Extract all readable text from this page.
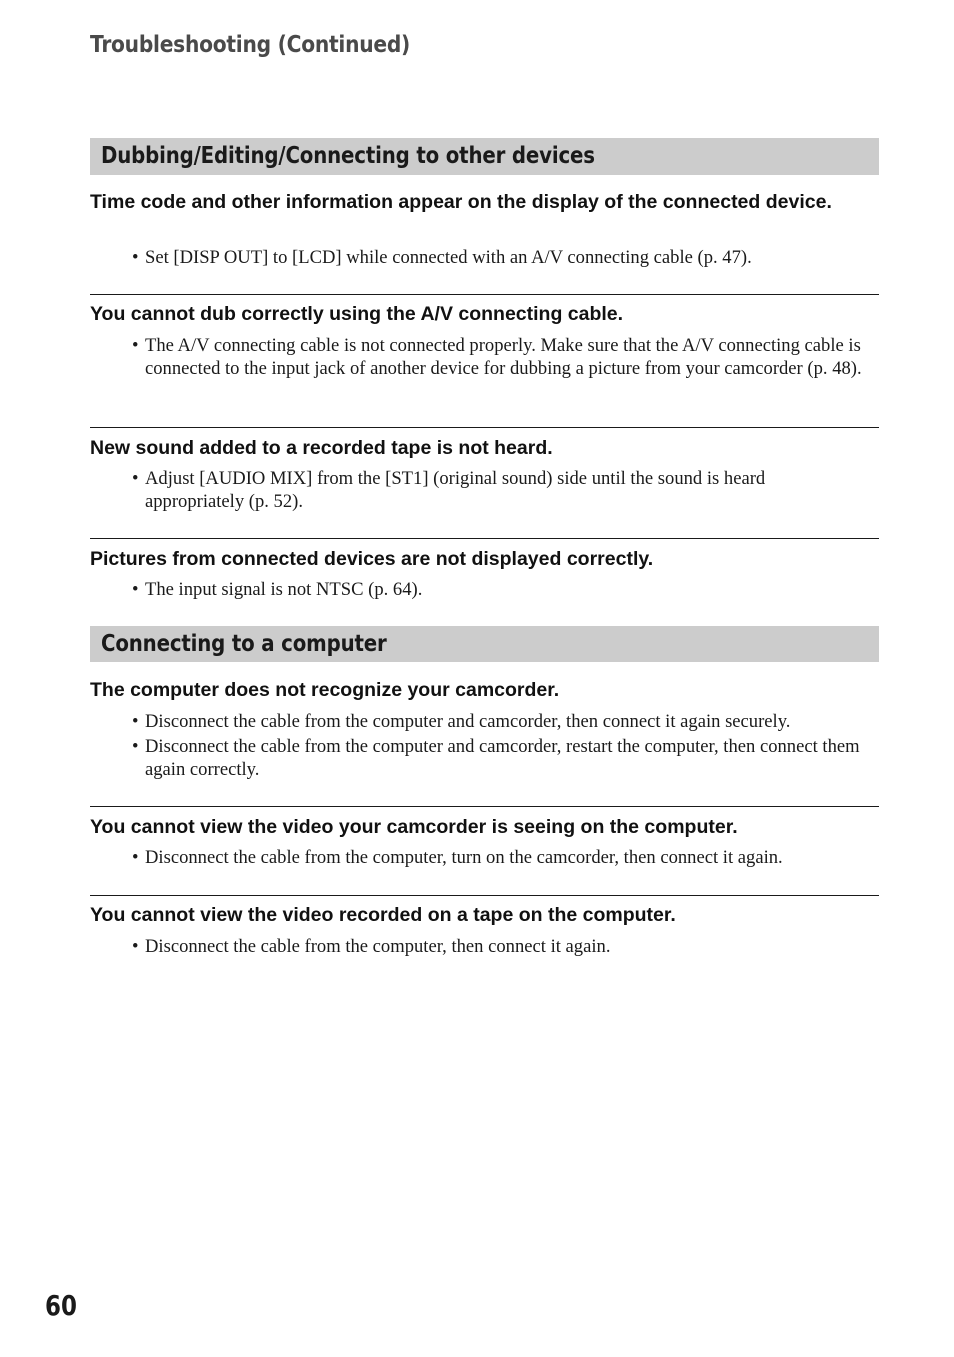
Troubleshooting (Continued)
Dubbing/Editing/Connecting to other devices
Time code and other information appear on the display of the connected device.
• Set [DISP OUT] to [LCD] while connected with an A/V connecting cable (p. 47).
You cannot dub correctly using the A/V connecting cable.
• The A/V connecting cable is not connected properly. Make sure that the A/V connecting cable is connected to the input jack of another device for dubbing a picture from your camcorder (p. 48).
New sound added to a recorded tape is not heard.
• Adjust [AUDIO MIX] from the [ST1] (original sound) side until the sound is heard appropriately (p. 52).
Pictures from connected devices are not displayed correctly.
• The input signal is not NTSC (p. 64).
Connecting to a computer
The computer does not recognize your camcorder.
• Disconnect the cable from the computer and camcorder, then connect it again securely.
• Disconnect the cable from the computer and camcorder, restart the computer, then connect them again correctly.
You cannot view the video your camcorder is seeing on the computer.
• Disconnect the cable from the computer, turn on the camcorder, then connect it again.
You cannot view the video recorded on a tape on the computer.
• Disconnect the cable from the computer, then connect it again.
60
